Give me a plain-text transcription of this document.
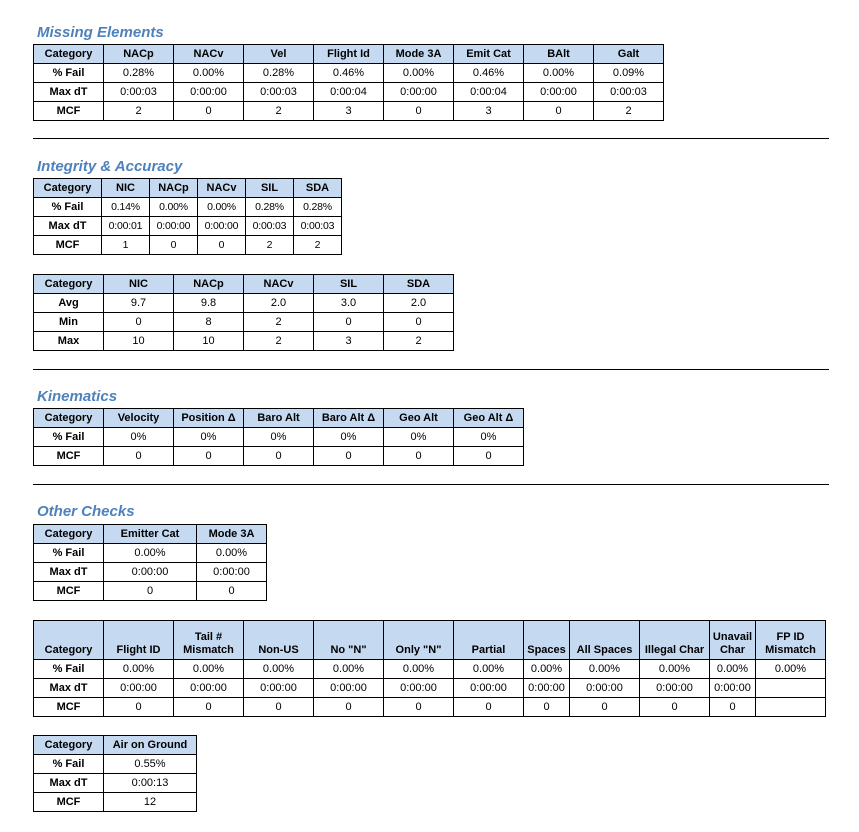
Missing Elements
Category	NACp	NACv	Vel	Flight Id	Mode 3A	Emit Cat	BAlt	Galt
% Fail	0.28%	0.00%	0.28%	0.46%	0.00%	0.46%	0.00%	0.09%
Max dT	0:00:03	0:00:00	0:00:03	0:00:04	0:00:00	0:00:04	0:00:00	0:00:03
MCF	2	0	2	3	0	3	0	2
Integrity & Accuracy
Category	NIC	NACp	NACv	SIL	SDA
% Fail	0.14%	0.00%	0.00%	0.28%	0.28%
Max dT	0:00:01	0:00:00	0:00:00	0:00:03	0:00:03
MCF	1	0	0	2	2
Category	NIC	NACp	NACv	SIL	SDA
Avg	9.7	9.8	2.0	3.0	2.0
Min	0	8	2	0	0
Max	10	10	2	3	2
Kinematics
Category	Velocity	Position Δ	Baro Alt	Baro Alt Δ	Geo Alt	Geo Alt Δ
% Fail	0%	0%	0%	0%	0%	0%
MCF	0	0	0	0	0	0
Other Checks
Category	Emitter Cat	Mode 3A
% Fail	0.00%	0.00%
Max dT	0:00:00	0:00:00
MCF	0	0
Category	Flight ID	Tail # Mismatch	Non-US	No "N"	Only "N"	Partial	Spaces	All Spaces	Illegal Char	Unavail Char	FP ID Mismatch
% Fail	0.00%	0.00%	0.00%	0.00%	0.00%	0.00%	0.00%	0.00%	0.00%	0.00%	0.00%
Max dT	0:00:00	0:00:00	0:00:00	0:00:00	0:00:00	0:00:00	0:00:00	0:00:00	0:00:00	0:00:00	
MCF	0	0	0	0	0	0	0	0	0	0	
Category	Air on Ground
% Fail	0.55%
Max dT	0:00:13
MCF	12
